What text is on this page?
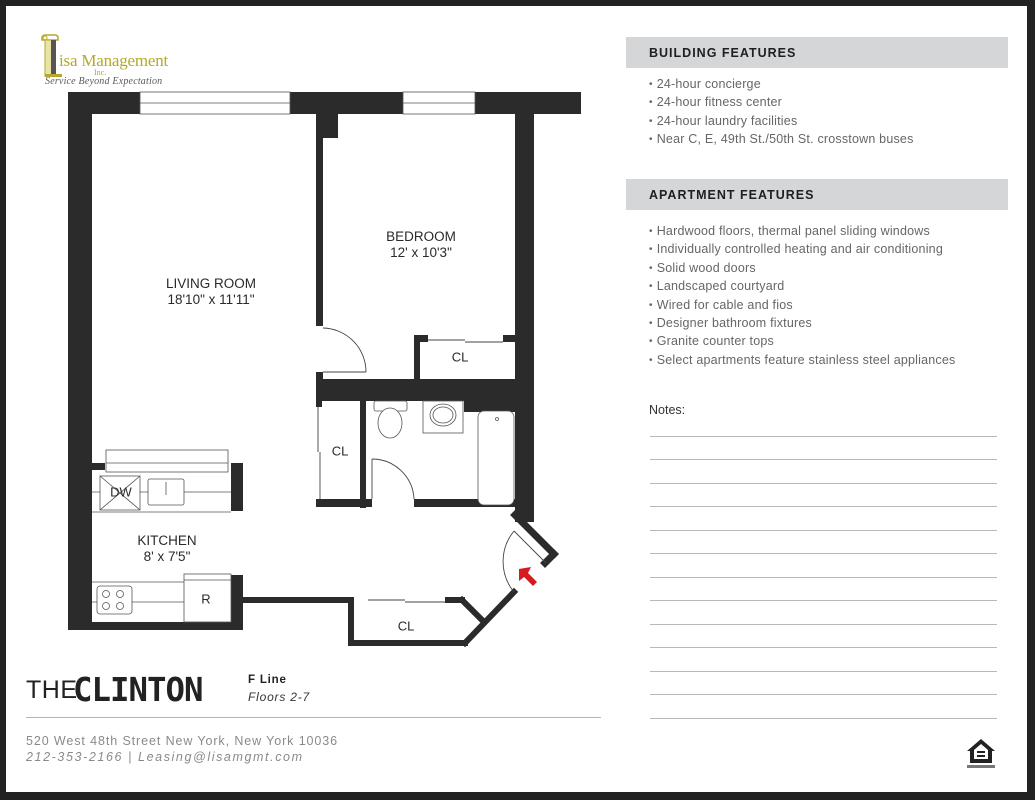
isa Management
Inc.
Service Beyond Expectation
LIVING ROOM
18'10" x 11'11"
BEDROOM
12' x 10'3"
KITCHEN
8' x 7'5"
CL
CL
CL
DW
R
BUILDING FEATURES
• 24-hour concierge
• 24-hour fitness center
• 24-hour laundry facilities
• Near C, E, 49th St./50th St. crosstown buses
APARTMENT FEATURES
• Hardwood floors, thermal panel sliding windows
• Individually controlled heating and air conditioning
• Solid wood doors
• Landscaped courtyard
• Wired for cable and fios
• Designer bathroom fixtures
• Granite counter tops
• Select apartments feature stainless steel appliances
Notes:
THE
CLINTON	F Line
Floors 2-7
520 West 48th Street New York, New York 10036
212-353-2166 | Leasing@lisamgmt.com
